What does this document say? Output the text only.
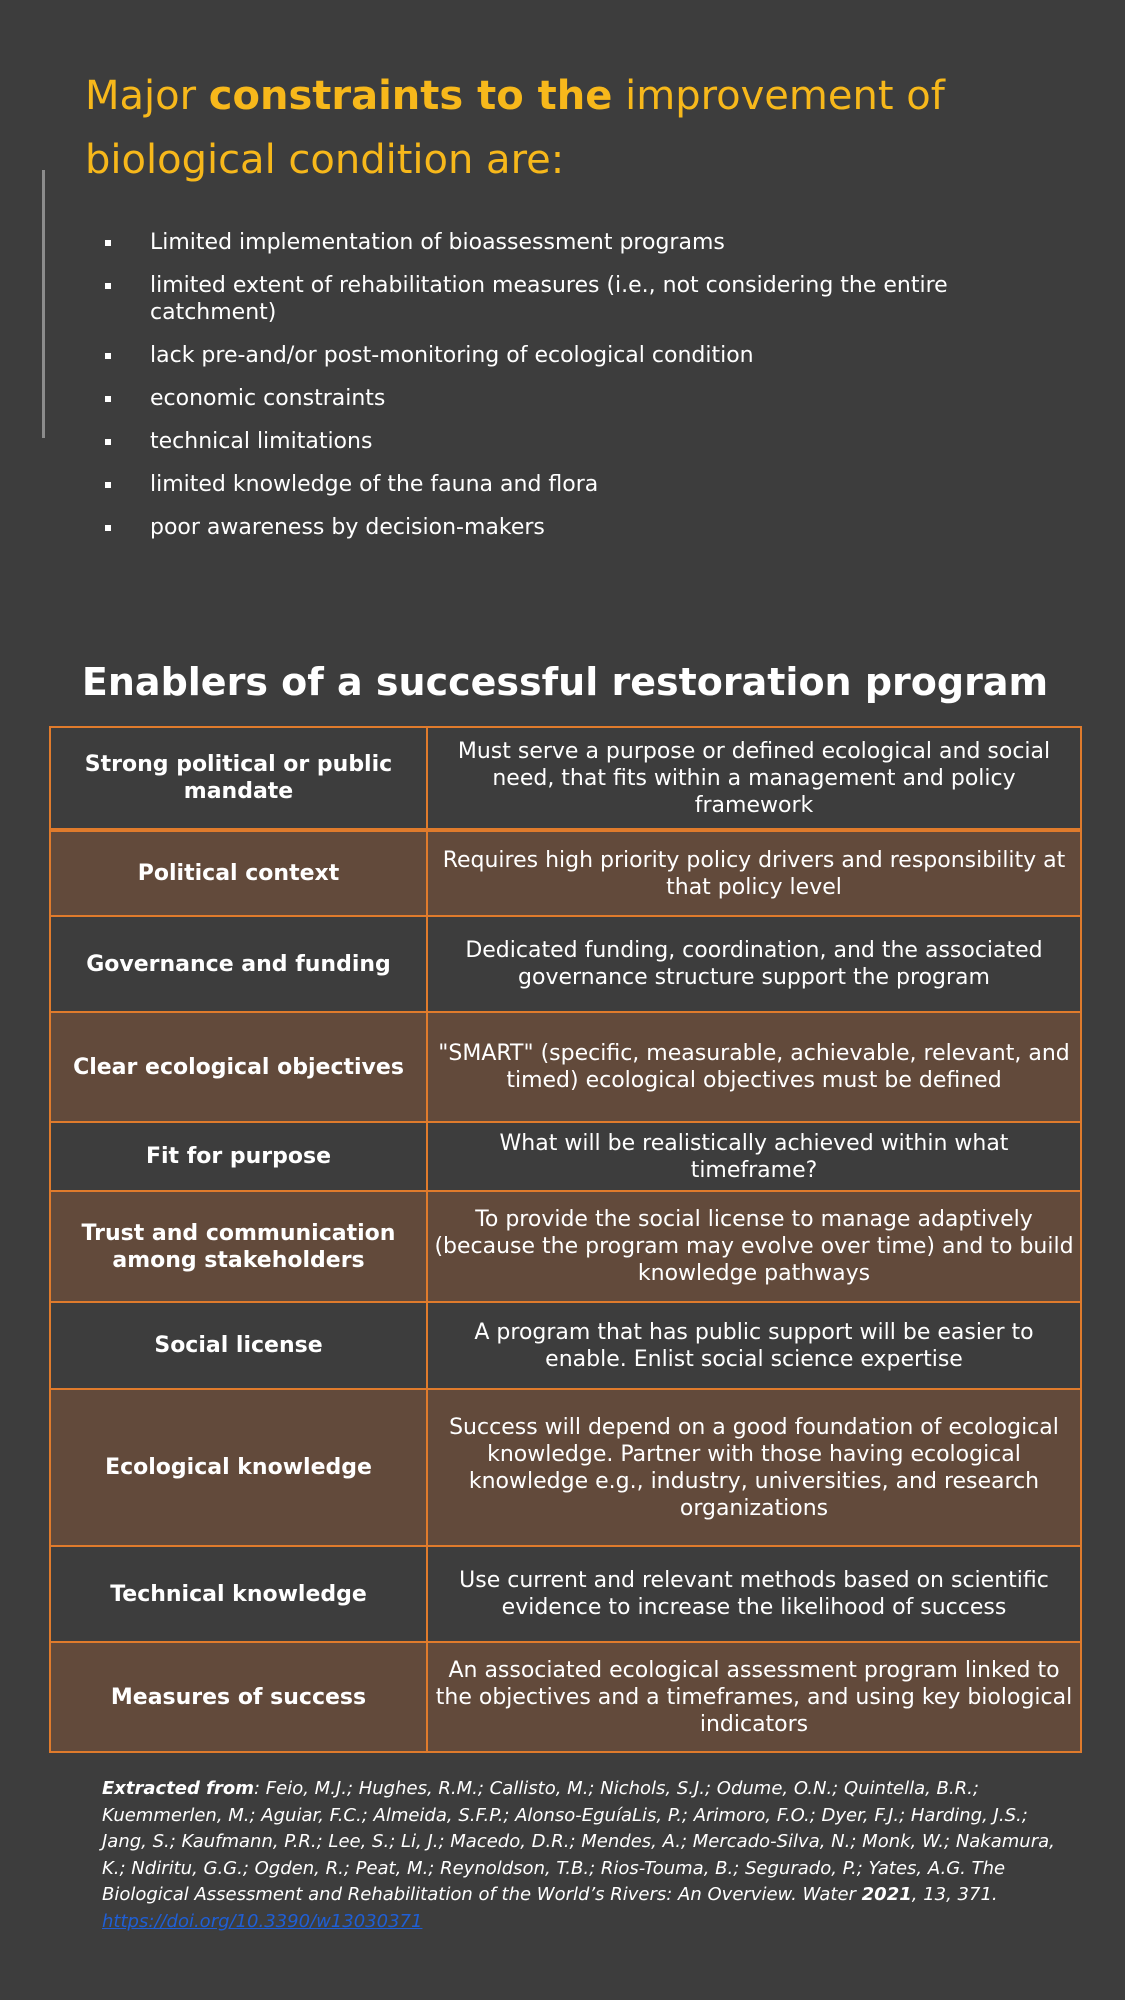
Major constraints to the improvement of biological condition are:
Limited implementation of bioassessment programs
limited extent of rehabilitation measures (i.e., not considering the entire catchment)
lack pre-and/or post-monitoring of ecological condition
economic constraints
technical limitations
limited knowledge of the fauna and flora
poor awareness by decision-makers
Enablers of a successful restoration program
Strong political or public mandate	Must serve a purpose or defined ecological and social need, that fits within a management and policy framework
Political context	Requires high priority policy drivers and responsibility at that policy level
Governance and funding	Dedicated funding, coordination, and the associated governance structure support the program
Clear ecological objectives	"SMART" (specific, measurable, achievable, relevant, and timed) ecological objectives must be defined
Fit for purpose	What will be realistically achieved within what timeframe?
Trust and communication among stakeholders	To provide the social license to manage adaptively (because the program may evolve over time) and to build knowledge pathways
Social license	A program that has public support will be easier to enable. Enlist social science expertise
Ecological knowledge	Success will depend on a good foundation of ecological knowledge. Partner with those having ecological knowledge e.g., industry, universities, and research organizations
Technical knowledge	Use current and relevant methods based on scientific evidence to increase the likelihood of success
Measures of success	An associated ecological assessment program linked to the objectives and a timeframes, and using key biological indicators

Extracted from: Feio, M.J.; Hughes, R.M.; Callisto, M.; Nichols, S.J.; Odume, O.N.; Quintella, B.R.; Kuemmerlen, M.; Aguiar, F.C.; Almeida, S.F.P.; Alonso-EguíaLis, P.; Arimoro, F.O.; Dyer, F.J.; Harding, J.S.; Jang, S.; Kaufmann, P.R.; Lee, S.; Li, J.; Macedo, D.R.; Mendes, A.; Mercado-Silva, N.; Monk, W.; Nakamura, K.; Ndiritu, G.G.; Ogden, R.; Peat, M.; Reynoldson, T.B.; Rios-Touma, B.; Segurado, P.; Yates, A.G. The Biological Assessment and Rehabilitation of the World’s Rivers: An Overview. Water 2021, 13, 371.
https://doi.org/10.3390/w13030371
